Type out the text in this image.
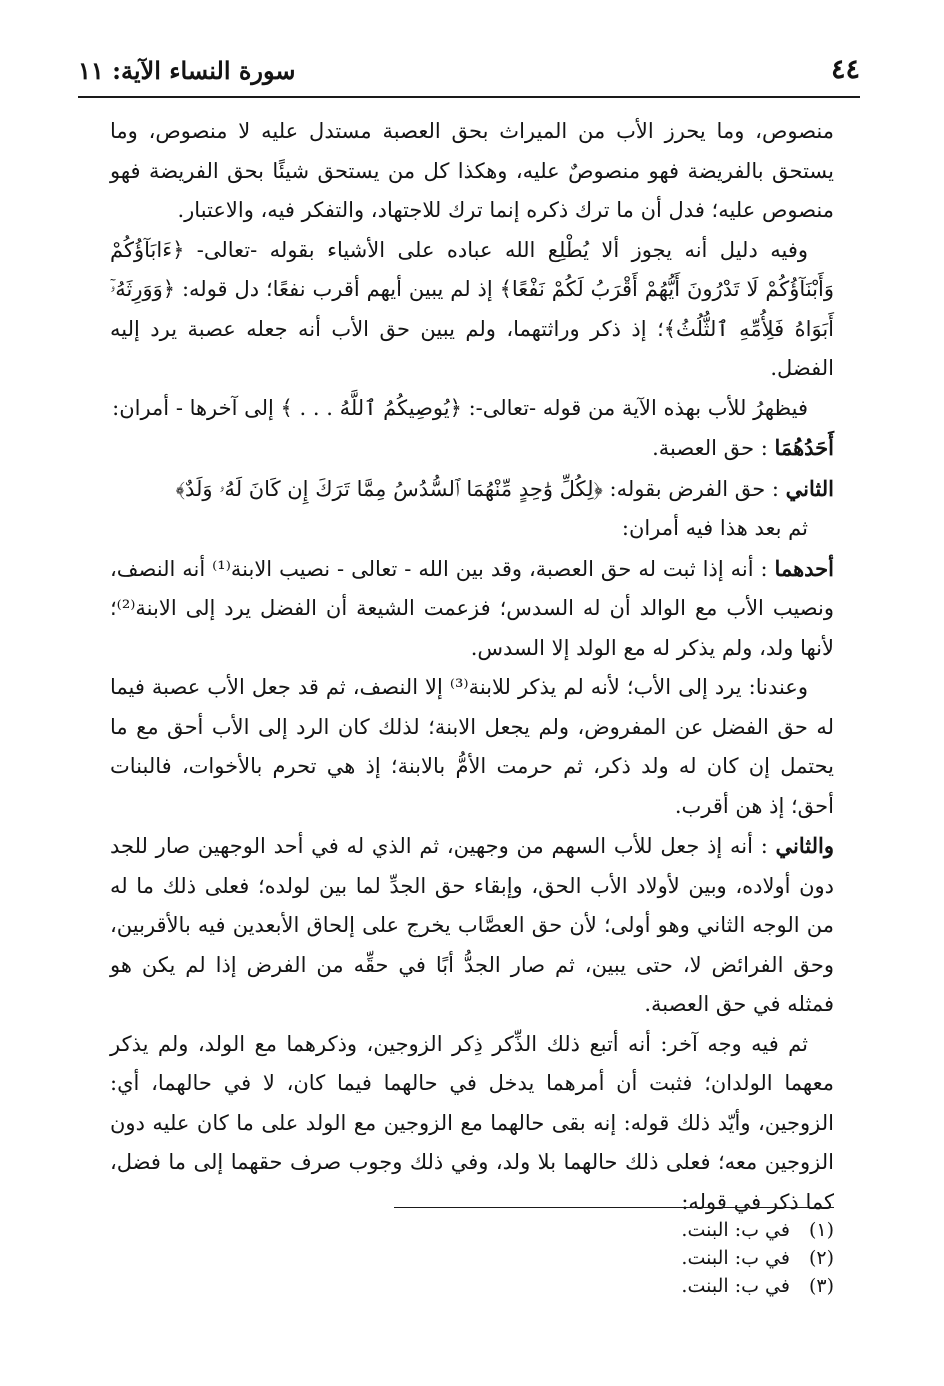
٤٤
سورة النساء الآية: ١١

منصوص، وما يحرز الأب من الميراث بحق العصبة مستدل عليه لا منصوص، وما يستحق بالفريضة فهو منصوصٌ عليه، وهكذا كل من يستحق شيئًا بحق الفريضة فهو منصوص عليه؛ فدل أن ما ترك ذكره إنما ترك للاجتهاد، والتفكر فيه، والاعتبار.

وفيه دليل أنه يجوز ألا يُطْلِع الله عباده على الأشياء بقوله -تعالى- ﴿ءَابَآؤُكُمْ وَأَبْنَآؤُكُمْ لَا تَدْرُونَ أَيُّهُمْ أَقْرَبُ لَكُمْ نَفْعًا﴾ إذ لم يبين أيهم أقرب نفعًا؛ دل قوله: ﴿وَوَرِثَهُۥٓ أَبَوَاهُ فَلِأُمِّهِ ٱلثُّلُثُ﴾؛ إذ ذكر وراثتهما، ولم يبين حق الأب أنه جعله عصبة يرد إليه الفضل.

فيظهرُ للأب بهذه الآية من قوله -تعالى-: ﴿يُوصِيكُمُ ٱللَّهُ . . . ﴾ إلى آخرها - أمران:

أَحَدُهُمَا : حق العصبة.

الثاني : حق الفرض بقوله: ﴿لِكُلِّ وَٰحِدٍ مِّنْهُمَا ٱلسُّدُسُ مِمَّا تَرَكَ إِن كَانَ لَهُۥ وَلَدٌ﴾

ثم بعد هذا فيه أمران:

أحدهما : أنه إذا ثبت له حق العصبة، وقد بين الله - تعالى - نصيب الابنة⁽¹⁾ أنه النصف، ونصيب الأب مع الوالد أن له السدس؛ فزعمت الشيعة أن الفضل يرد إلى الابنة⁽²⁾؛ لأنها ولد، ولم يذكر له مع الولد إلا السدس.

وعندنا: يرد إلى الأب؛ لأنه لم يذكر للابنة⁽³⁾ إلا النصف، ثم قد جعل الأب عصبة فيما له حق الفضل عن المفروض، ولم يجعل الابنة؛ لذلك كان الرد إلى الأب أحق مع ما يحتمل إن كان له ولد ذكر، ثم حرمت الأمُّ بالابنة؛ إذ هي تحرم بالأخوات، فالبنات أحق؛ إذ هن أقرب.

والثاني : أنه إذ جعل للأب السهم من وجهين، ثم الذي له في أحد الوجهين صار للجد دون أولاده، وبين لأولاد الأب الحق، وإبقاء حق الجدِّ لما بين لولده؛ فعلى ذلك ما له من الوجه الثاني وهو أولى؛ لأن حق العصَّاب يخرج على إلحاق الأبعدين فيه بالأقربين، وحق الفرائض لا، حتى يبين، ثم صار الجدُّ أبًا في حقِّه من الفرض إذا لم يكن هو فمثله في حق العصبة.

ثم فيه وجه آخر: أنه أتبع ذلك الذِّكر ذِكر الزوجين، وذكرهما مع الولد، ولم يذكر معهما الولدان؛ فثبت أن أمرهما يدخل في حالهما فيما كان، لا في حالهما، أي: الزوجين، وأيّد ذلك قوله: إنه بقى حالهما مع الزوجين مع الولد على ما كان عليه دون الزوجين معه؛ فعلى ذلك حالهما بلا ولد، وفي ذلك وجوب صرف حقهما إلى ما فضل، كما ذكر في قوله:

(١) في ب: البنت.

(٢) في ب: البنت.

(٣) في ب: البنت.
